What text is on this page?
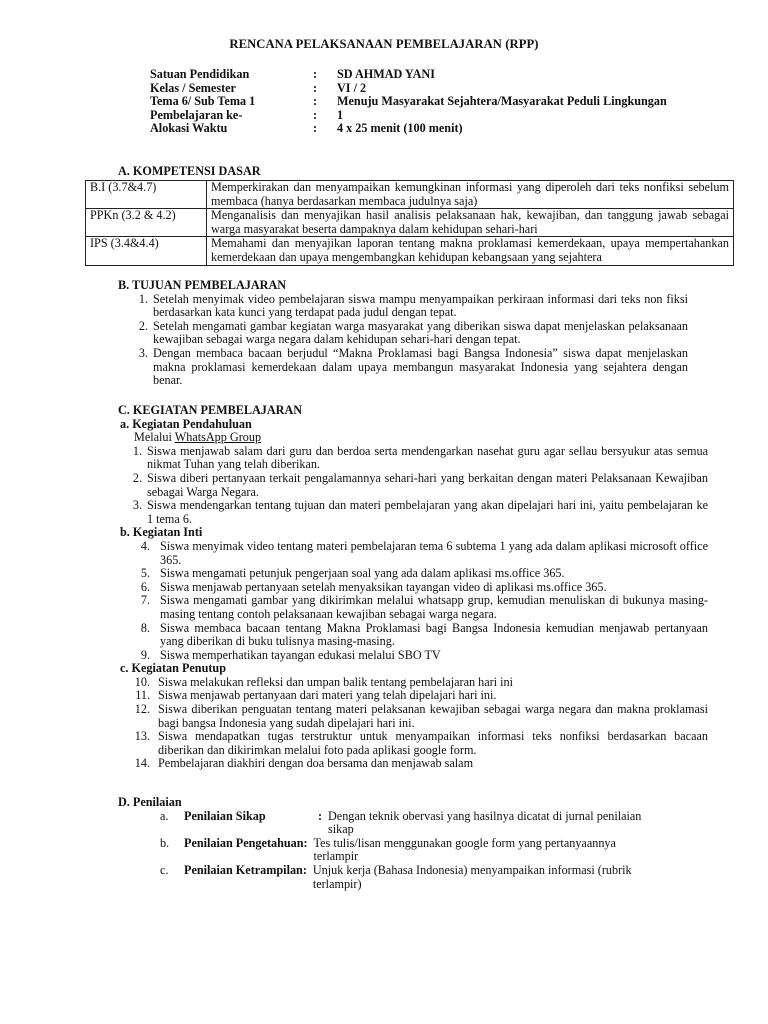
RENCANA PELAKSANAAN PEMBELAJARAN (RPP)
Satuan Pendidikan	:	SD AHMAD YANI
Kelas / Semester	:	VI / 2
Tema 6/ Sub Tema 1	:	Menuju Masyarakat Sejahtera/Masyarakat Peduli Lingkungan
Pembelajaran ke-	:	1
Alokasi Waktu	:	4 x 25 menit (100 menit)
A. KOMPETENSI DASAR
B.I (3.7&4.7)	Memperkirakan dan menyampaikan kemungkinan informasi yang diperoleh dari teks nonfiksi sebelum membaca (hanya berdasarkan membaca judulnya saja)
PPKn (3.2 & 4.2)	Menganalisis dan menyajikan hasil analisis pelaksanaan hak, kewajiban, dan tanggung jawab sebagai warga masyarakat beserta dampaknya dalam kehidupan sehari-hari
IPS (3.4&4.4)	Memahami dan menyajikan laporan tentang makna proklamasi kemerdekaan, upaya mempertahankan kemerdekaan dan upaya mengembangkan kehidupan kebangsaan yang sejahtera
B. TUJUAN PEMBELAJARAN
1. Setelah menyimak video pembelajaran siswa mampu menyampaikan perkiraan informasi dari teks non fiksi berdasarkan kata kunci yang terdapat pada judul dengan tepat.
2. Setelah mengamati gambar kegiatan warga masyarakat yang diberikan siswa dapat menjelaskan pelaksanaan kewajiban sebagai warga negara dalam kehidupan sehari-hari dengan tepat.
3. Dengan membaca bacaan berjudul “Makna Proklamasi bagi Bangsa Indonesia” siswa dapat menjelaskan makna proklamasi kemerdekaan dalam upaya membangun masyarakat Indonesia yang sejahtera dengan benar.
C. KEGIATAN PEMBELAJARAN
a. Kegiatan Pendahuluan
Melalui WhatsApp Group
1. Siswa menjawab salam dari guru dan berdoa serta mendengarkan nasehat guru agar sellau bersyukur atas semua nikmat Tuhan yang telah diberikan.
2. Siswa diberi pertanyaan terkait pengalamannya sehari-hari yang berkaitan dengan materi Pelaksanaan Kewajiban sebagai Warga Negara.
3. Siswa mendengarkan tentang tujuan dan materi pembelajaran yang akan dipelajari hari ini, yaitu pembelajaran ke 1 tema 6.
b. Kegiatan Inti
4. Siswa menyimak video tentang materi pembelajaran tema 6 subtema 1 yang ada dalam aplikasi microsoft office 365.
5. Siswa mengamati petunjuk pengerjaan soal yang ada dalam aplikasi ms.office 365.
6. Siswa menjawab pertanyaan setelah menyaksikan tayangan video di aplikasi ms.office 365.
7. Siswa mengamati gambar yang dikirimkan melalui whatsapp grup, kemudian menuliskan di bukunya masing-masing tentang contoh pelaksanaan kewajiban sebagai warga negara.
8. Siswa membaca bacaan tentang Makna Proklamasi bagi Bangsa Indonesia kemudian menjawab pertanyaan yang diberikan di buku tulisnya masing-masing.
9. Siswa memperhatikan tayangan edukasi melalui SBO TV
c. Kegiatan Penutup
10. Siswa melakukan refleksi dan umpan balik tentang pembelajaran hari ini
11. Siswa menjawab pertanyaan dari materi yang telah dipelajari hari ini.
12. Siswa diberikan penguatan tentang materi pelaksanan kewajiban sebagai warga negara dan makna proklamasi bagi bangsa Indonesia yang sudah dipelajari hari ini.
13. Siswa mendapatkan tugas terstruktur untuk menyampaikan informasi teks nonfiksi berdasarkan bacaan diberikan dan dikirimkan melalui foto pada aplikasi google form.
14. Pembelajaran diakhiri dengan doa bersama dan menjawab salam
D. Penilaian
a.	Penilaian Sikap	: Dengan teknik obervasi yang hasilnya dicatat di jurnal penilaian sikap
b.	Penilaian Pengetahuan : Tes tulis/lisan menggunakan google form yang pertanyaannya terlampir
c.	Penilaian Ketrampilan : Unjuk kerja (Bahasa Indonesia) menyampaikan informasi (rubrik terlampir)
